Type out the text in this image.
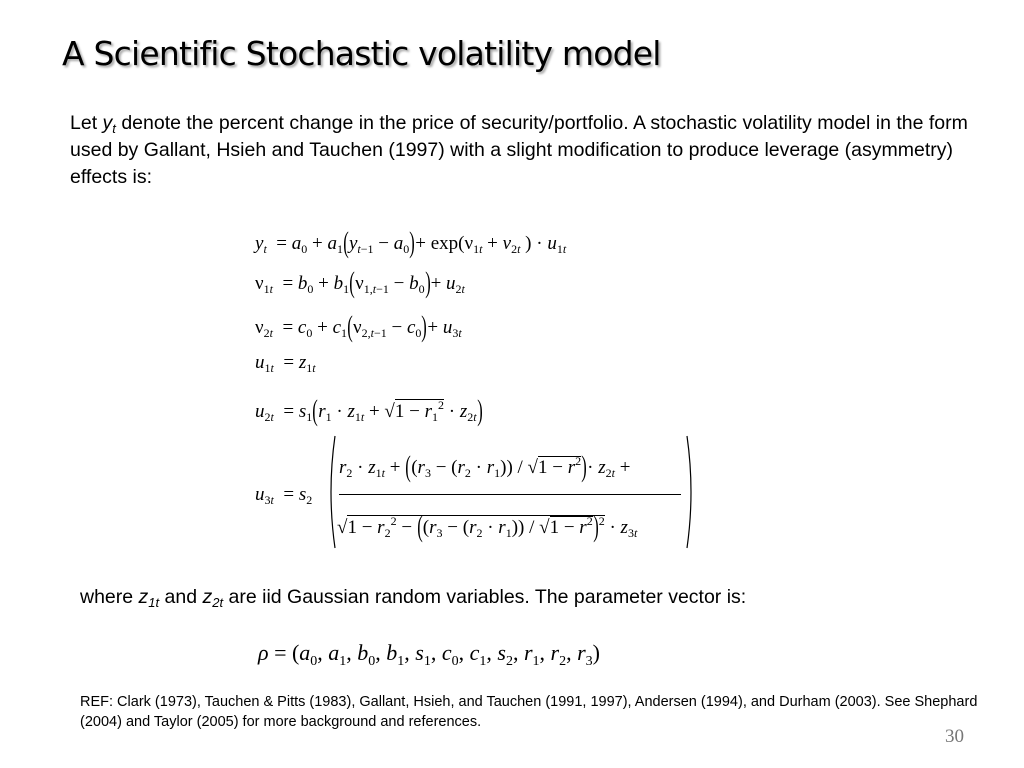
A Scientific Stochastic volatility model
Let $y_t$ denote the percent change in the price of security/portfolio. A stochastic volatility model in the form used by Gallant, Hsieh and Tauchen (1997) with a slight modification to produce leverage (asymmetry) effects is:
$y_t = a_0 + a_1(y_{t-1} - a_0)+ \exp(\nu_{1t} + v_{2t}$ ) · $u_{1t}$
$\nu_{1t} = b_0 + b_1(\nu_{1,t-1} - b_0)+ u_{2t}$
$\nu_{2t} = c_0 + c_1(\nu_{2,t-1} - c_0)+ u_{3t}$
$u_{1t} = z_{1t}$
$u_{2t} = s_1(r_1 \cdot z_{1t} + √1 - r_1^2 \cdot z_{2t})$
$u_{3t} = s_2$
$r_2 \cdot z_{1t} + ((r_3 - (r_2 \cdot r_1)) / √1 - r^2)\cdot z_{2t}$ +
$√1 - r_2^2 - ((r_3 - (r_2 \cdot r_1)) / √1 - r^2)^2 \cdot z_{3t}$
where $z_{1t}$ and $z_{2t}$ are iid Gaussian random variables. The parameter vector is:
$\rho = (a_0$, $a_1$, $b_0$, $b_1$, $s_1$, $c_0$, $c_1$, $s_2$, $r_1$, $r_2$, $r_3$)
REF: Clark (1973), Tauchen & Pitts (1983), Gallant, Hsieh, and Tauchen (1991, 1997), Andersen (1994), and Durham (2003). See Shephard (2004) and Taylor (2005) for more background and references.
30
